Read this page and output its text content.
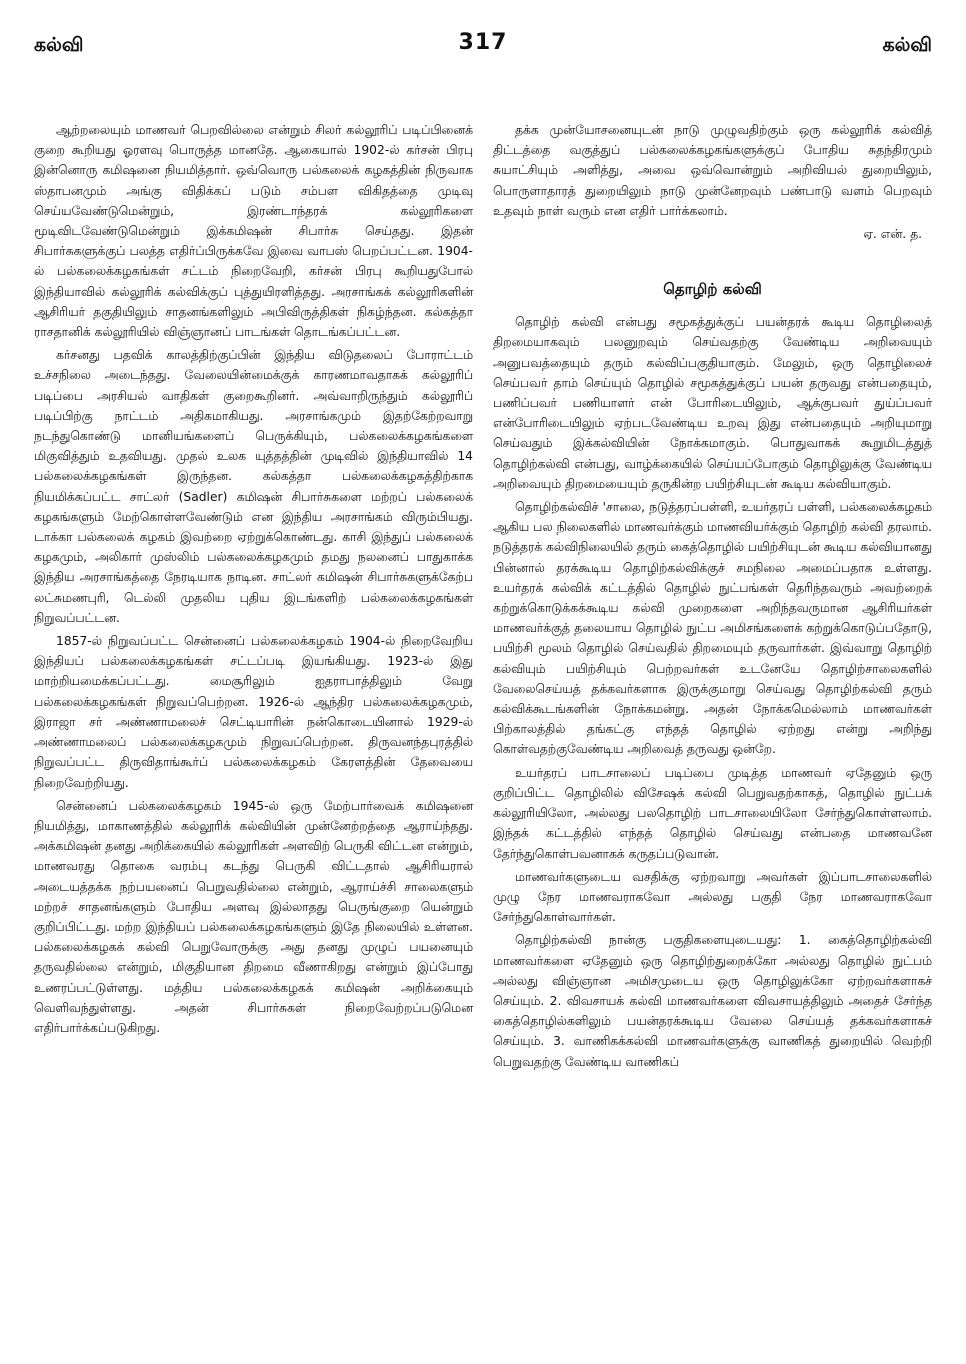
கல்வி	317	கல்வி

ஆற்றலையும் மாணவர் பெறவில்லை என்றும் சிலர் கல்லூரிப் படிப்பினைக் குறை கூறியது ஓரளவு பொருத்த மானதே. ஆகையால் 1902-ல் கர்சன் பிரபு இன்னொரு கமிஷனை நியமித்தார். ஒவ்வொரு பல்கலைக் கழகத்தின் நிருவாக ஸ்தாபனமும் அங்கு விதிக்கப் படும் சம்பள விகிதத்தை முடிவு செய்யவேண்டுமென்றும், இரண்டாந்தரக் கல்லூரிகளை மூடிவிடவேண்டுமென்றும் இக்கமிஷன் சிபார்சு செய்தது. இதன் சிபார்சுகளுக்குப் பலத்த எதிர்ப்பிருக்கவே இவை வாபஸ் பெறப்பட்டன. 1904-ல் பல்கலைக்கழகங்கள் சட்டம் நிறைவேறி, கர்சன் பிரபு கூறியதுபோல் இந்தியாவில் கல்லூரிக் கல்விக்குப் புத்துயிரளித்தது. அரசாங்கக் கல்லூரிகளின் ஆசிரியர் தகுதியிலும் சாதனங்களிலும் அபிவிருத்திகள் நிகழ்ந்தன. கல்கத்தா ராசதானிக் கல்லூரியில் விஞ்ஞானப் பாடங்கள் தொடங்கப்பட்டன.

கர்சனது பதவிக் காலத்திற்குப்பின் இந்திய விடுதலைப் போராட்டம் உச்சநிலை அடைந்தது. வேலையின்மைக்குக் காரணமாவதாகக் கல்லூரிப் படிப்பை அரசியல் வாதிகள் குறைகூறினர். அவ்வாறிருந்தும் கல்லூரிப் படிப்பிற்கு நாட்டம் அதிகமாகியது. அரசாங்கமும் இதற்கேற்றவாறு நடந்துகொண்டு மானியங்களைப் பெருக்கியும், பல்கலைக்கழகங்களை மிகுவித்தும் உதவியது. முதல் உலக யுத்தத்தின் முடிவில் இந்தியாவில் 14 பல்கலைக்கழகங்கள் இருந்தன. கல்கத்தா பல்கலைக்கழகத்திற்காக நியமிக்கப்பட்ட சாட்லர் (Sadler) கமிஷன் சிபார்சுகளை மற்றப் பல்கலைக் கழகங்களும் மேற்கொள்ளவேண்டும் என இந்திய அரசாங்கம் விரும்பியது. டாக்கா பல்கலைக் கழகம் இவற்றை ஏற்றுக்கொண்டது. காசி இந்துப் பல்கலைக் கழகமும், அலிகார் முஸ்லிம் பல்கலைக்கழகமும் தமது நலனைப் பாதுகாக்க இந்திய அரசாங்கத்தை நேரடியாக நாடின. சாட்லர் கமிஷன் சிபார்சுகளுக்கேற்ப லட்சுமணபுரி, டெல்லி முதலிய புதிய இடங்களிற் பல்கலைக்கழகங்கள் நிறுவப்பட்டன.

1857-ல் நிறுவப்பட்ட சென்னைப் பல்கலைக்கழகம் 1904-ல் நிறைவேறிய இந்தியப் பல்கலைக்கழகங்கள் சட்டப்படி இயங்கியது. 1923-ல் இது மாற்றியமைக்கப்பட்டது. மைசூரிலும் ஐதராபாத்திலும் வேறு பல்கலைக்கழகங்கள் நிறுவப்பெற்றன. 1926-ல் ஆந்திர பல்கலைக்கழகமும், இராஜா சர் அண்ணாமலைச் செட்டியாரின் நன்கொடையினால் 1929-ல் அண்ணாமலைப் பல்கலைக்கழகமும் நிறுவப்பெற்றன. திருவனந்தபுரத்தில் நிறுவப்பட்ட திருவிதாங்கூர்ப் பல்கலைக்கழகம் கேரளத்தின் தேவையை நிறைவேற்றியது.

சென்னைப் பல்கலைக்கழகம் 1945-ல் ஒரு மேற்பார்வைக் கமிஷனை நியமித்து, மாகாணத்தில் கல்லூரிக் கல்வியின் முன்னேற்றத்தை ஆராய்ந்தது. அக்கமிஷன் தனது அறிக்கையில் கல்லூரிகள் அளவிற் பெருகி விட்டன என்றும், மாணவரது தொகை வரம்பு கடந்து பெருகி விட்டதால் ஆசிரியரால் அடையத்தக்க நற்பயனைப் பெறுவதில்லை என்றும், ஆராய்ச்சி சாலைகளும் மற்றச் சாதனங்களும் போதிய அளவு இல்லாதது பெருங்குறை யென்றும் குறிப்பிட்டது. மற்ற இந்தியப் பல்கலைக்கழகங்களும் இதே நிலையில் உள்ளன. பல்கலைக்கழகக் கல்வி பெறுவோருக்கு அது தனது முழுப் பயனையும் தருவதில்லை என்றும், மிகுதியான திறமை வீணாகிறது என்றும் இப்போது உணரப்பட்டுள்ளது. மத்திய பல்கலைக்கழகக் கமிஷன் அறிக்கையும் வெளிவந்துள்ளது. அதன் சிபார்சுகள் நிறைவேற்றப்படுமென எதிர்பார்க்கப்படுகிறது.

தக்க முன்யோசனையுடன் நாடு முழுவதிற்கும் ஒரு கல்லூரிக் கல்வித் திட்டத்தை வகுத்துப் பல்கலைக்கழகங்களுக்குப் போதிய சுதந்திரமும் சுயாட்சியும் அளித்து, அவை ஒவ்வொன்றும் அறிவியல் துறையிலும், பொருளாதாரத் துறையிலும் நாடு முன்னேறவும் பண்பாடு வளம் பெறவும் உதவும் நாள் வரும் என எதிர் பார்க்கலாம்.

ஏ. என். த.
தொழிற் கல்வி

தொழிற் கல்வி என்பது சமூகத்துக்குப் பயன்தரக் கூடிய தொழிலைத் திறமையாகவும் பலனுறவும் செய்வதற்கு வேண்டிய அறிவையும் அனுபவத்தையும் தரும் கல்விப்பகுதியாகும். மேலும், ஒரு தொழிலைச் செய்பவர் தாம் செய்யும் தொழில் சமூகத்துக்குப் பயன் தருவது என்பதையும், பணிப்பவர் பணியாளர் என் போரிடையிலும், ஆக்குபவர் துய்ப்பவர் என்போரிடையிலும் ஏற்படவேண்டிய உறவு இது என்பதையும் அறியுமாறு செய்வதும் இக்கல்வியின் நோக்கமாகும். பொதுவாகக் கூறுமிடத்துத் தொழிற்கல்வி என்பது, வாழ்க்கையில் செய்யப்போகும் தொழிலுக்கு வேண்டிய அறிவையும் திறமையையும் தருகின்ற பயிற்சியுடன் கூடிய கல்வியாகும்.

தொழிற்கல்விச் 'சாலை, நடுத்தரப்பள்ளி, உயர்தரப் பள்ளி, பல்கலைக்கழகம் ஆகிய பல நிலைகளில் மாணவர்க்கும் மாணவியர்க்கும் தொழிற் கல்வி தரலாம். நடுத்தரக் கல்விநிலையில் தரும் கைத்தொழில் பயிற்சியுடன் கூடிய கல்வியானது பின்னால் தரக்கூடிய தொழிற்கல்விக்குச் சமநிலை அமைப்பதாக உள்ளது. உயர்தரக் கல்விக் கட்டத்தில் தொழில் நுட்பங்கள் தெரிந்தவரும் அவற்றைக் கற்றுக்கொடுக்கக்கூடிய கல்வி முறைகளை அறிந்தவருமான ஆசிரியர்கள் மாணவர்க்குத் தலையாய தொழில் நுட்ப அமிசங்களைக் கற்றுக்கொடுப்பதோடு, பயிற்சி மூலம் தொழில் செய்வதில் திறமையும் தருவார்கள். இவ்வாறு தொழிற் கல்வியும் பயிற்சியும் பெற்றவர்கள் உடனேயே தொழிற்சாலைகளில் வேலைசெய்யத் தக்கவர்களாக இருக்குமாறு செய்வது தொழிற்கல்வி தரும் கல்விக்கூடங்களின் நோக்கமன்று. அதன் நோக்கமெல்லாம் மாணவர்கள் பிற்காலத்தில் தங்கட்கு எந்தத் தொழில் ஏற்றது என்று அறிந்து கொள்வதற்குவேண்டிய அறிவைத் தருவது ஒன்றே.

உயர்தரப் பாடசாலைப் படிப்பை முடித்த மாணவர் ஏதேனும் ஒரு குறிப்பிட்ட தொழிலில் விசேஷக் கல்வி பெறுவதற்காகத், தொழில் நுட்பக் கல்லூரியிலோ, அல்லது பலதொழிற் பாடசாலையிலோ சேர்ந்துகொள்ளலாம். இந்தக் கட்டத்தில் எந்தத் தொழில் செய்வது என்பதை மாணவனே தேர்ந்துகொள்பவனாகக் கருதப்படுவான்.

மாணவர்களுடைய வசதிக்கு ஏற்றவாறு அவர்கள் இப்பாடசாலைகளில் முழு நேர மாணவராகவோ அல்லது பகுதி நேர மாணவராகவோ சேர்ந்துகொள்வார்கள்.

தொழிற்கல்வி நான்கு பகுதிகளையுடையது: 1. கைத்தொழிற்கல்வி மாணவர்களை ஏதேனும் ஒரு தொழிற்துறைக்கோ அல்லது தொழில் நுட்பம் அல்லது விஞ்ஞான அமிசமுடைய ஒரு தொழிலுக்கோ ஏற்றவர்களாகச் செய்யும். 2. விவசாயக் கல்வி மாணவர்களை விவசாயத்திலும் அதைச் சேர்ந்த கைத்தொழில்களிலும் பயன்தரக்கூடிய வேலை செய்யத் தக்கவர்களாகச் செய்யும். 3. வாணிகக்கல்வி மாணவர்களுக்கு வாணிகத் துறையில் வெற்றி பெறுவதற்கு வேண்டிய வாணிகப்
